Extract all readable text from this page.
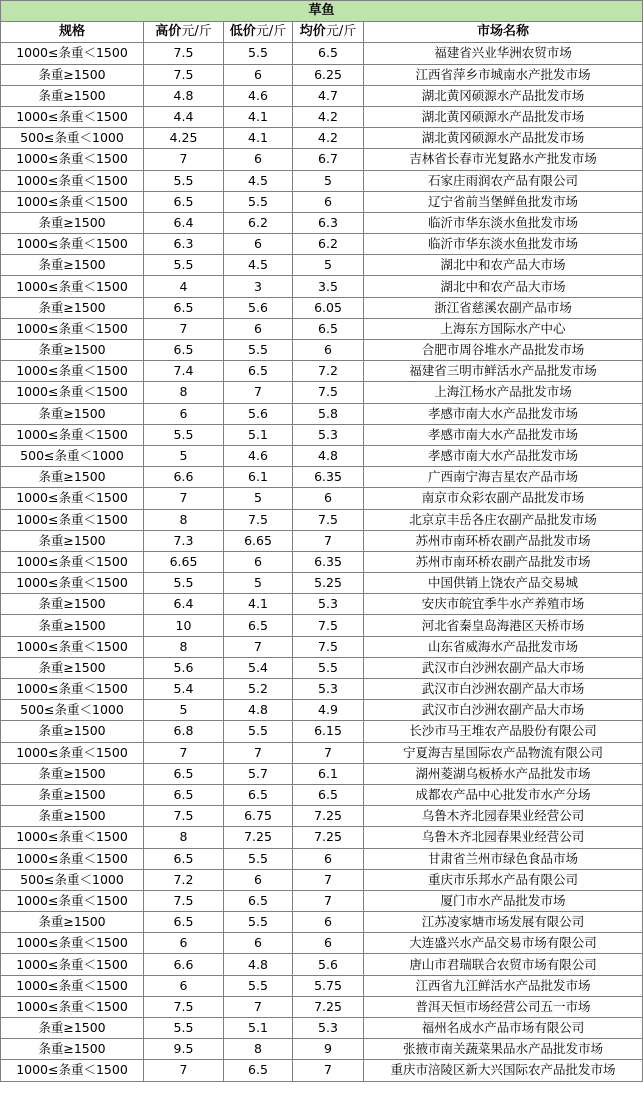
草鱼				
规格	高价元/斤	低价元/斤	均价元/斤	市场名称
1000≤条重＜1500	7.5	5.5	6.5	福建省兴业华洲农贸市场
条重≥1500	7.5	6	6.25	江西省萍乡市城南水产批发市场
条重≥1500	4.8	4.6	4.7	湖北黄冈硕源水产品批发市场
1000≤条重＜1500	4.4	4.1	4.2	湖北黄冈硕源水产品批发市场
500≤条重＜1000	4.25	4.1	4.2	湖北黄冈硕源水产品批发市场
1000≤条重＜1500	7	6	6.7	吉林省长春市光复路水产批发市场
1000≤条重＜1500	5.5	4.5	5	石家庄雨润农产品有限公司
1000≤条重＜1500	6.5	5.5	6	辽宁省前当堡鲜鱼批发市场
条重≥1500	6.4	6.2	6.3	临沂市华东淡水鱼批发市场
1000≤条重＜1500	6.3	6	6.2	临沂市华东淡水鱼批发市场
条重≥1500	5.5	4.5	5	湖北中和农产品大市场
1000≤条重＜1500	4	3	3.5	湖北中和农产品大市场
条重≥1500	6.5	5.6	6.05	浙江省慈溪农副产品市场
1000≤条重＜1500	7	6	6.5	上海东方国际水产中心
条重≥1500	6.5	5.5	6	合肥市周谷堆水产品批发市场
1000≤条重＜1500	7.4	6.5	7.2	福建省三明市鲜活水产品批发市场
1000≤条重＜1500	8	7	7.5	上海江杨水产品批发市场
条重≥1500	6	5.6	5.8	孝感市南大水产品批发市场
1000≤条重＜1500	5.5	5.1	5.3	孝感市南大水产品批发市场
500≤条重＜1000	5	4.6	4.8	孝感市南大水产品批发市场
条重≥1500	6.6	6.1	6.35	广西南宁海吉星农产品市场
1000≤条重＜1500	7	5	6	南京市众彩农副产品批发市场
1000≤条重＜1500	8	7.5	7.5	北京京丰岳各庄农副产品批发市场
条重≥1500	7.3	6.65	7	苏州市南环桥农副产品批发市场
1000≤条重＜1500	6.65	6	6.35	苏州市南环桥农副产品批发市场
1000≤条重＜1500	5.5	5	5.25	中国供销上饶农产品交易城
条重≥1500	6.4	4.1	5.3	安庆市皖宜季牛水产养殖市场
条重≥1500	10	6.5	7.5	河北省秦皇岛海港区天桥市场
1000≤条重＜1500	8	7	7.5	山东省威海水产品批发市场
条重≥1500	5.6	5.4	5.5	武汉市白沙洲农副产品大市场
1000≤条重＜1500	5.4	5.2	5.3	武汉市白沙洲农副产品大市场
500≤条重＜1000	5	4.8	4.9	武汉市白沙洲农副产品大市场
条重≥1500	6.8	5.5	6.15	长沙市马王堆农产品股份有限公司
1000≤条重＜1500	7	7	7	宁夏海吉星国际农产品物流有限公司
条重≥1500	6.5	5.7	6.1	湖州菱湖乌板桥水产品批发市场
条重≥1500	6.5	6.5	6.5	成都农产品中心批发市水产分场
条重≥1500	7.5	6.75	7.25	乌鲁木齐北园春果业经营公司
1000≤条重＜1500	8	7.25	7.25	乌鲁木齐北园春果业经营公司
1000≤条重＜1500	6.5	5.5	6	甘肃省兰州市绿色食品市场
500≤条重＜1000	7.2	6	7	重庆市乐邦水产品有限公司
1000≤条重＜1500	7.5	6.5	7	厦门市水产品批发市场
条重≥1500	6.5	5.5	6	江苏凌家塘市场发展有限公司
1000≤条重＜1500	6	6	6	大连盛兴水产品交易市场有限公司
1000≤条重＜1500	6.6	4.8	5.6	唐山市君瑞联合农贸市场有限公司
1000≤条重＜1500	6	5.5	5.75	江西省九江鲜活水产品批发市场
1000≤条重＜1500	7.5	7	7.25	普洱天恒市场经营公司五一市场
条重≥1500	5.5	5.1	5.3	福州名成水产品市场有限公司
条重≥1500	9.5	8	9	张掖市南关蔬菜果品水产品批发市场
1000≤条重＜1500	7	6.5	7	重庆市涪陵区新大兴国际农产品批发市场
